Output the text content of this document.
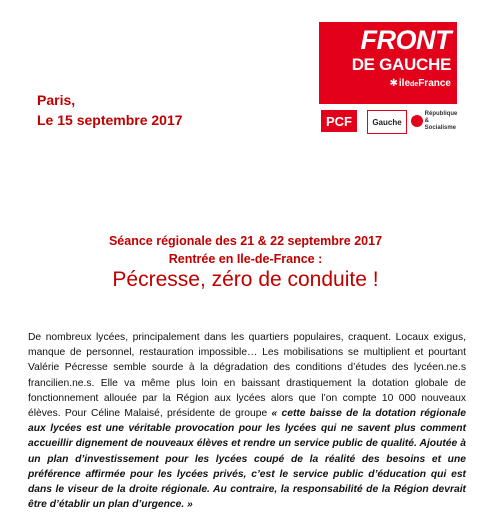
FRONT
DE GAUCHE
✱iledeFrance
PCF	Gauche
République & Socialisme
Paris,
Le 15 septembre 2017
Séance régionale des 21 & 22 septembre 2017
Rentrée en Ile-de-France :
Pécresse, zéro de conduite !
De nombreux lycées, principalement dans les quartiers populaires, craquent. Locaux exigus, manque de personnel, restauration impossible… Les mobilisations se multiplient et pourtant Valérie Pécresse semble sourde à la dégradation des conditions d’études des lycéen.ne.s francilien.ne.s. Elle va même plus loin en baissant drastiquement la dotation globale de fonctionnement allouée par la Région aux lycées alors que l’on compte 10 000 nouveaux élèves. Pour Céline Malaisé, présidente de groupe « cette baisse de la dotation régionale aux lycées est une véritable provocation pour les lycées qui ne savent plus comment accueillir dignement de nouveaux élèves et rendre un service public de qualité. Ajoutée à un plan d’investissement pour les lycées coupé de la réalité des besoins et une préférence affirmée pour les lycées privés, c’est le service public d’éducation qui est dans le viseur de la droite régionale. Au contraire, la responsabilité de la Région devrait être d’établir un plan d’urgence. »
